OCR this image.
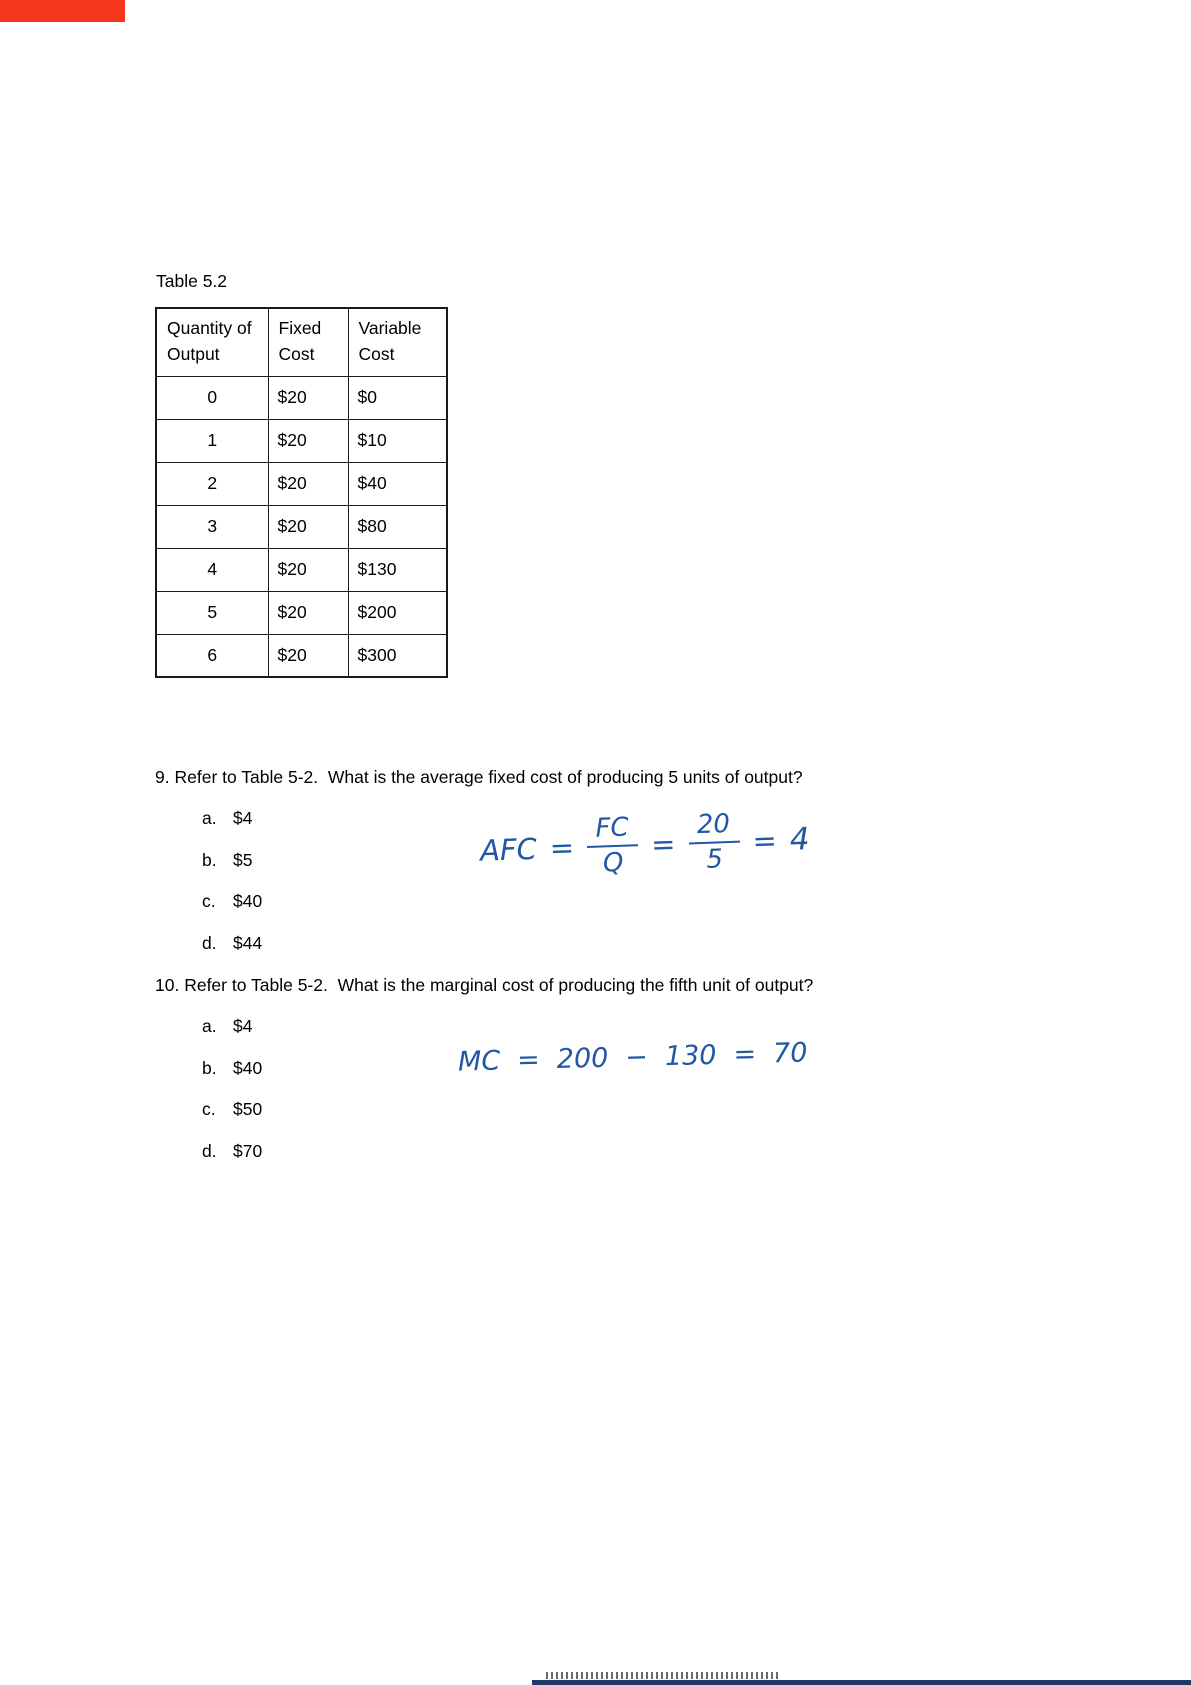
Table 5.2
Quantity of Output	Fixed Cost	Variable Cost
0	$20	$0
1	$20	$10
2	$20	$40
3	$20	$80
4	$20	$130
5	$20	$200
6	$20	$300
9. Refer to Table 5-2.  What is the average fixed cost of producing 5 units of output?
a. $4
b. $5
c. $40
d. $44
AFC = $\frac{FC}{Q} = \frac{20}{5} = 4$
10. Refer to Table 5-2.  What is the marginal cost of producing the fifth unit of output?
a. $4
b. $40
c. $50
d. $70
MC = 200 − 130 = 70
